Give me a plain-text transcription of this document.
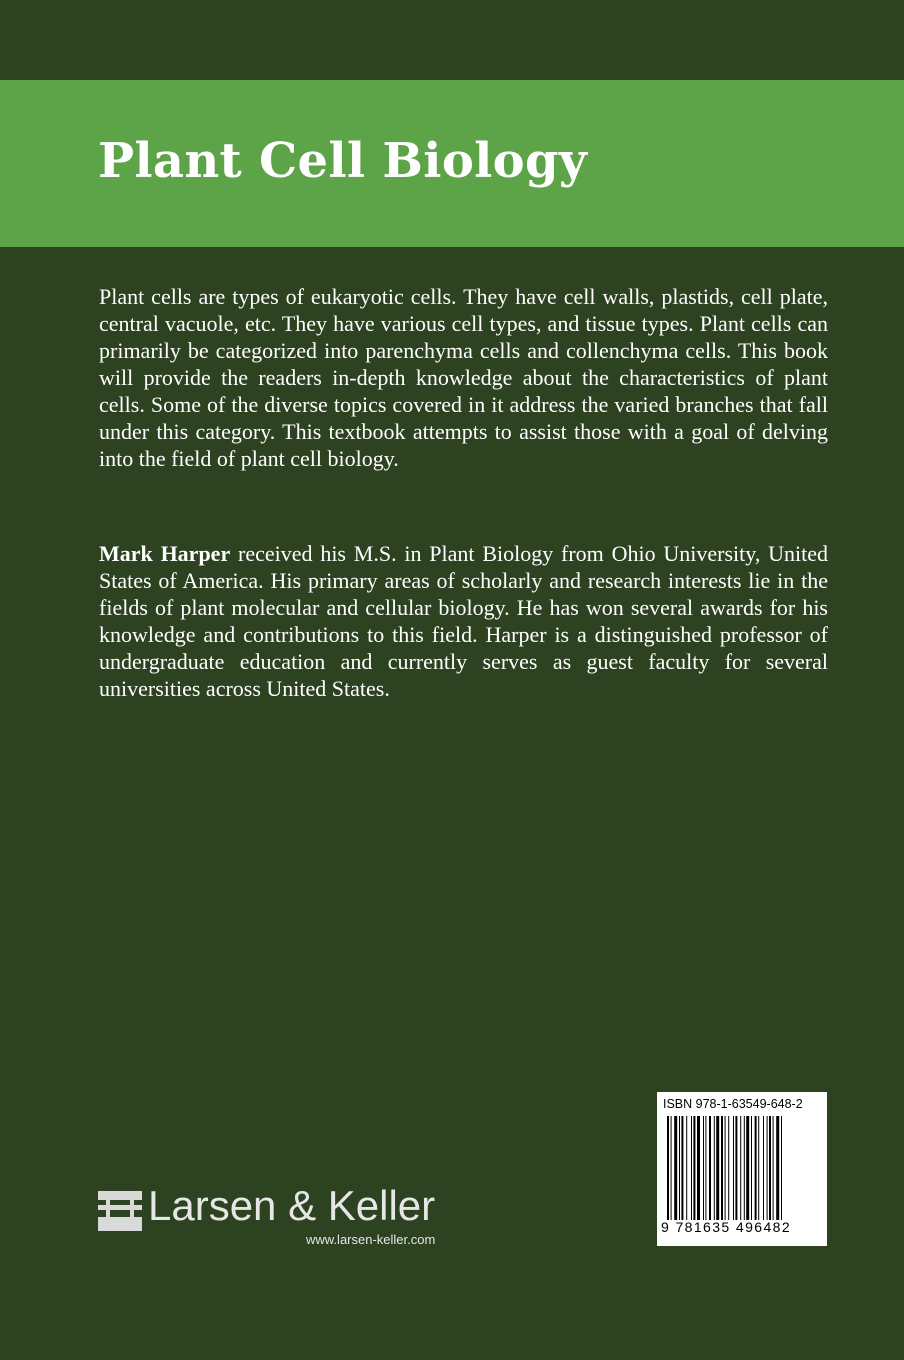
Plant Cell Biology

Plant cells are types of eukaryotic cells. They have cell walls, plastids, cell plate, central vacuole, etc. They have various cell types, and tissue types. Plant cells can primarily be categorized into parenchyma cells and collenchyma cells. This book will provide the readers in-depth knowledge about the characteristics of plant cells. Some of the diverse topics covered in it address the varied branches that fall under this category. This textbook attempts to assist those with a goal of delving into the field of plant cell biology.

Mark Harper received his M.S. in Plant Biology from Ohio University, United States of America. His primary areas of scholarly and research interests lie in the fields of plant molecular and cellular biology. He has won several awards for his knowledge and contributions to this field. Harper is a distinguished professor of undergraduate education and currently serves as guest faculty for several universities across United States.

Larsen & Keller

www.larsen-keller.com
ISBN 978-1-63549-648-2
9 781635 496482
